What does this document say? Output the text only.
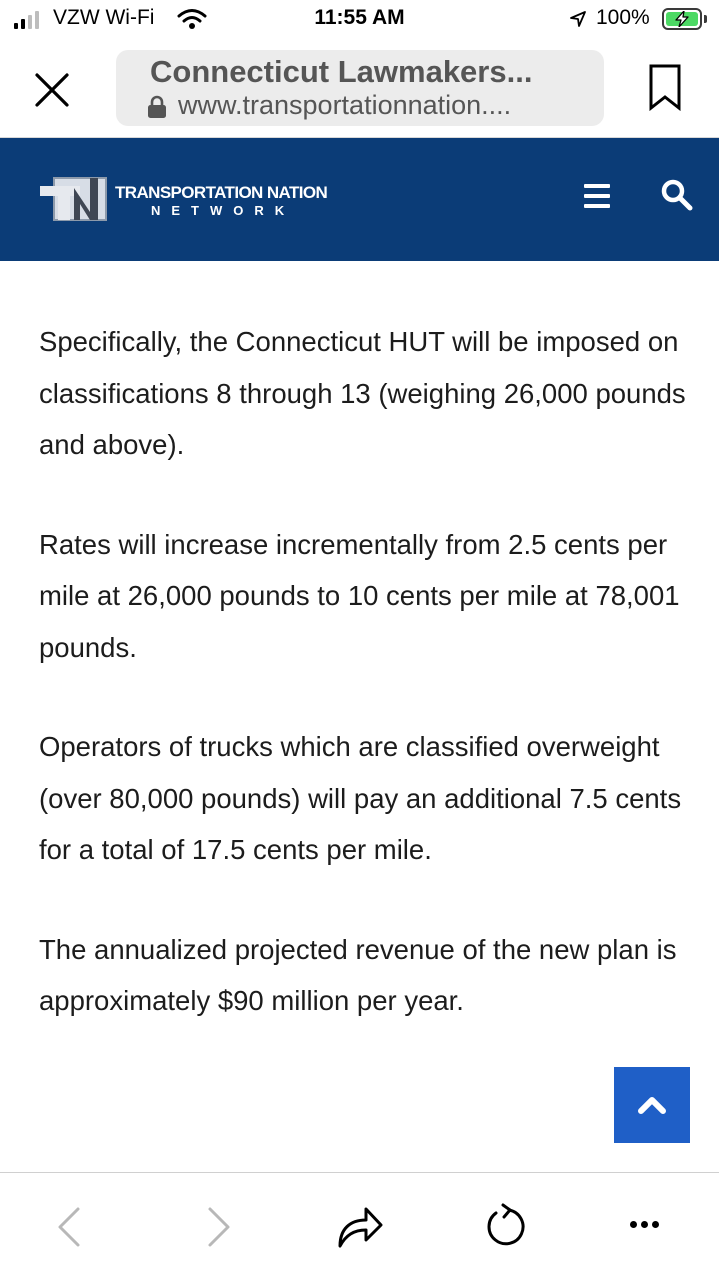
VZW Wi-Fi	11:55 AM	100%
Connecticut Lawmakers...
www.transportationnation....
TRANSPORTATION NATION
NETWORK

Specifically, the Connecticut HUT will be imposed on classifications 8 through 13 (weighing 26,000 pounds and above).

Rates will increase incrementally from 2.5 cents per mile at 26,000 pounds to 10 cents per mile at 78,001 pounds.

Operators of trucks which are classified overweight (over 80,000 pounds) will pay an additional 7.5 cents for a total of 17.5 cents per mile.

The annualized projected revenue of the new plan is approximately $90 million per year.
